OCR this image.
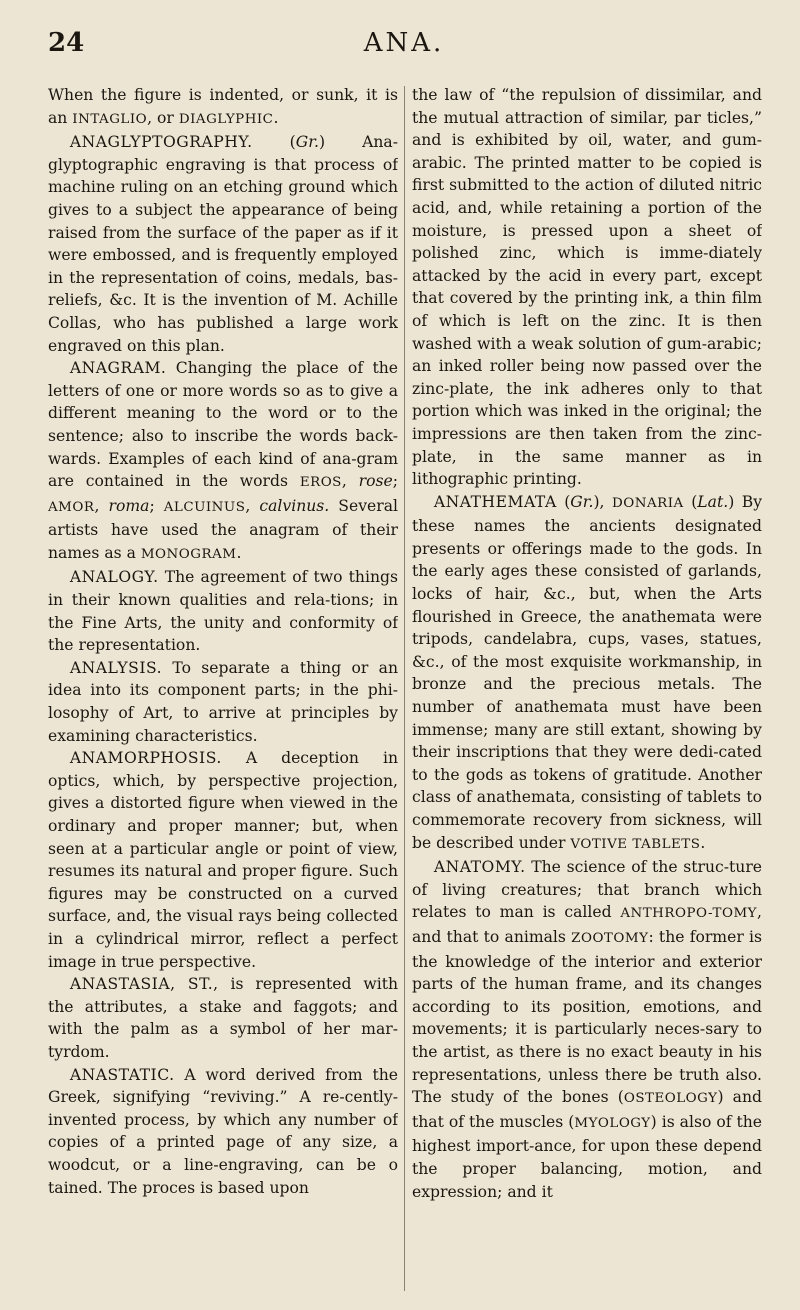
24	ANA.

When the figure is indented, or sunk, it is an INTAGLIO, or DIAGLYPHIC.

ANAGLYPTOGRAPHY. (Gr.) Ana-glyptographic engraving is that process of machine ruling on an etching ground which gives to a subject the appearance of being raised from the surface of the paper as if it were embossed, and is frequently employed in the representation of coins, medals, bas-reliefs, &c. It is the invention of M. Achille Collas, who has published a large work engraved on this plan.

ANAGRAM. Changing the place of the letters of one or more words so as to give a different meaning to the word or to the sentence; also to inscribe the words back-wards. Examples of each kind of ana-gram are contained in the words EROS, rose; AMOR, roma; ALCUINUS, calvinus. Several artists have used the anagram of their names as a MONOGRAM.

ANALOGY. The agreement of two things in their known qualities and rela-tions; in the Fine Arts, the unity and conformity of the representation.

ANALYSIS. To separate a thing or an idea into its component parts; in the phi-losophy of Art, to arrive at principles by examining characteristics.

ANAMORPHOSIS. A deception in optics, which, by perspective projection, gives a distorted figure when viewed in the ordinary and proper manner; but, when seen at a particular angle or point of view, resumes its natural and proper figure. Such figures may be constructed on a curved surface, and, the visual rays being collected in a cylindrical mirror, reflect a perfect image in true perspective.

ANASTASIA, ST., is represented with the attributes, a stake and faggots; and with the palm as a symbol of her mar-tyrdom.

ANASTATIC. A word derived from the Greek, signifying “reviving.” A re-cently-invented process, by which any number of copies of a printed page of any size, a woodcut, or a line-engraving, can be o tained. The proces is based upon

the law of “the repulsion of dissimilar, and the mutual attraction of similar, par ticles,” and is exhibited by oil, water, and gum-arabic. The printed matter to be copied is first submitted to the action of diluted nitric acid, and, while retaining a portion of the moisture, is pressed upon a sheet of polished zinc, which is imme-diately attacked by the acid in every part, except that covered by the printing ink, a thin film of which is left on the zinc. It is then washed with a weak solution of gum-arabic; an inked roller being now passed over the zinc-plate, the ink adheres only to that portion which was inked in the original; the impressions are then taken from the zinc-plate, in the same manner as in lithographic printing.

ANATHEMATA (Gr.), DONARIA (Lat.) By these names the ancients designated presents or offerings made to the gods. In the early ages these consisted of garlands, locks of hair, &c., but, when the Arts flourished in Greece, the anathemata were tripods, candelabra, cups, vases, statues, &c., of the most exquisite workmanship, in bronze and the precious metals. The number of anathemata must have been immense; many are still extant, showing by their inscriptions that they were dedi-cated to the gods as tokens of gratitude. Another class of anathemata, consisting of tablets to commemorate recovery from sickness, will be described under VOTIVE TABLETS.

ANATOMY. The science of the struc-ture of living creatures; that branch which relates to man is called ANTHROPO-TOMY, and that to animals ZOOTOMY: the former is the knowledge of the interior and exterior parts of the human frame, and its changes according to its position, emotions, and movements; it is particularly neces-sary to the artist, as there is no exact beauty in his representations, unless there be truth also. The study of the bones (OSTEOLOGY) and that of the muscles (MYOLOGY) is also of the highest import-ance, for upon these depend the proper balancing, motion, and expression; and it
